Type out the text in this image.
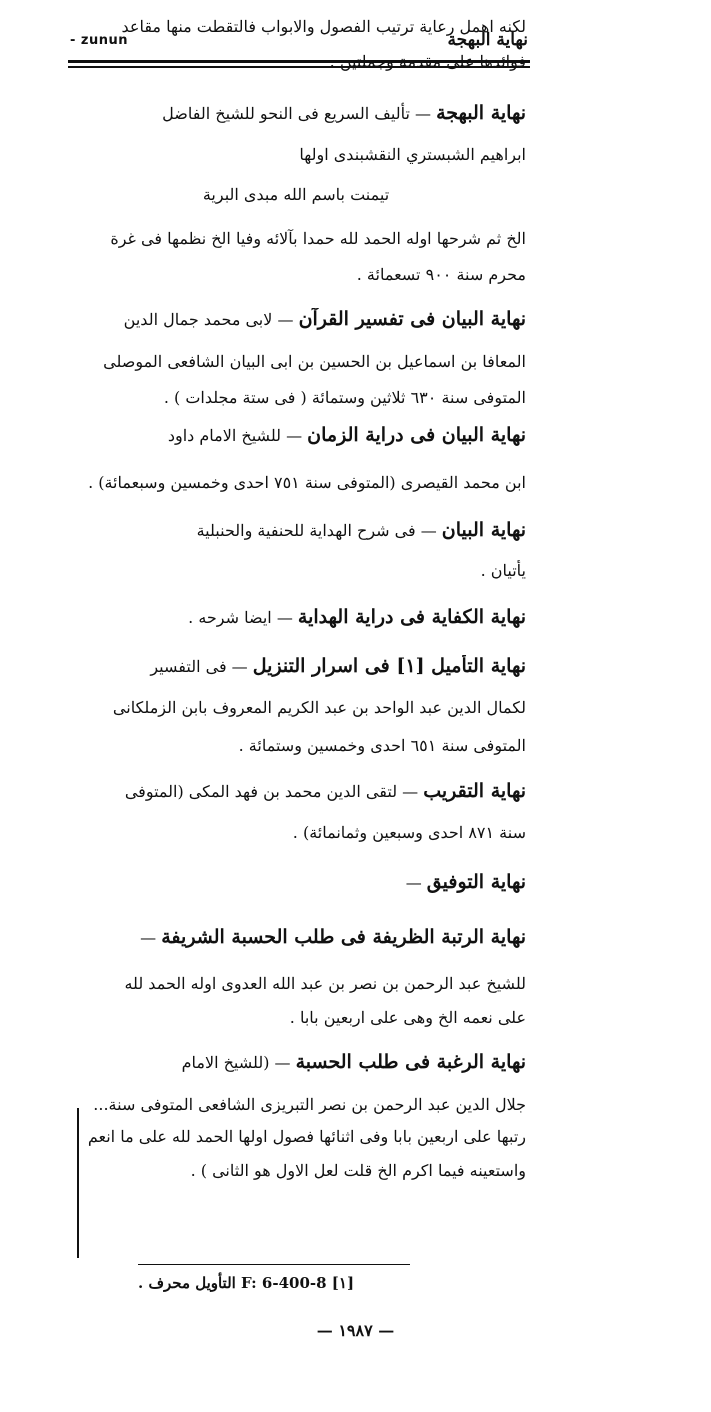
- zunun	نهاية البهجة
لكنه اهمل رعاية ترتيب الفصول والابواب فالتقطت منها مقاعد
فوائدها على مقدمة وجملتين .
نهاية البهجة — تأليف السريع فى النحو للشيخ الفاضل
ابراهيم الشبستري النقشبندى اولها
تيمنت باسم الله مبدى البرية
الخ ثم شرحها اوله الحمد لله حمدا بآلائه وفيا الخ نظمها فى غرة
محرم سنة ٩٠٠ تسعمائة .
نهاية البيان فى تفسير القرآن — لابى محمد جمال الدين
المعافا بن اسماعيل بن الحسين بن ابى البيان الشافعى الموصلى
المتوفى سنة ٦٣٠ ثلاثين وستمائة ( فى ستة مجلدات ) .
نهاية البيان فى دراية الزمان — للشيخ الامام داود
ابن محمد القيصرى (المتوفى سنة ٧٥١ احدى وخمسين وسبعمائة) .
نهاية البيان — فى شرح الهداية للحنفية والحنبلية
يأتيان .
نهاية الكفاية فى دراية الهداية — ايضا شرحه .
نهاية التأميل [١] فى اسرار التنزيل — فى التفسير
لكمال الدين عبد الواحد بن عبد الكريم المعروف بابن الزملكانى
المتوفى سنة ٦٥١ احدى وخمسين وستمائة .
نهاية التقريب — لتقى الدين محمد بن فهد المكى (المتوفى
سنة ٨٧١ احدى وسبعين وثمانمائة) .
نهاية التوفيق —
نهاية الرتبة الظريفة فى طلب الحسبة الشريفة —
للشيخ عبد الرحمن بن نصر بن عبد الله العدوى اوله الحمد لله
على نعمه الخ وهى على اربعين بابا .
نهاية الرغبة فى طلب الحسبة — (للشيخ الامام
جلال الدين عبد الرحمن بن نصر التبريزى الشافعى المتوفى سنة...
رتبها على اربعين بابا وفى اثنائها فصول اولها الحمد لله على ما انعم
واستعينه فيما اكرم الخ قلت لعل الاول هو الثانى ) .
[١] F: 6-400-8 التأويل محرف .
— ١٩٨٧ —
